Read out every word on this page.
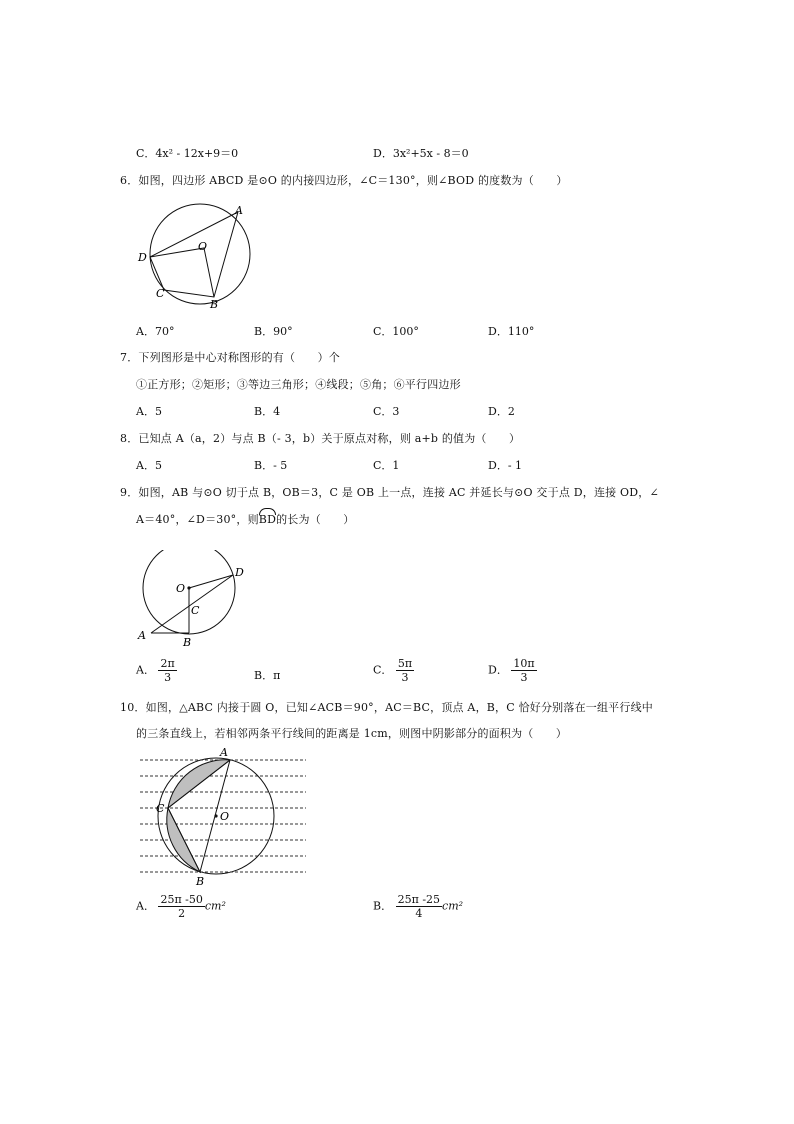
C．4x² - 12x+9＝0	D．3x²+5x - 8＝0
6．如图，四边形 ABCD 是⊙O 的内接四边形，∠C＝130°，则∠BOD 的度数为（　　）
A
B
C
D
O
A．70°	B．90°	C．100°	D．110°
7．下列图形是中心对称图形的有（　　）个
①正方形；②矩形；③等边三角形；④线段；⑤角；⑥平行四边形
A．5	B．4	C．3	D．2
8．已知点 A（a，2）与点 B（- 3，b）关于原点对称，则 a+b 的值为（　　）
A．5	B．- 5	C．1	D．- 1
9．如图，AB 与⊙O 切于点 B，OB＝3，C 是 OB 上一点，连接 AC 并延长与⊙O 交于点 D，连接 OD，∠
A＝40°，∠D＝30°，则BD的长为（　　）
O
D
C
A
B
A． $\frac{2\pi}{3}$	B．π	C． $\frac{5\pi}{3}$	D． $\frac{10\pi}{3}$
10．如图，△ABC 内接于圆 O，已知∠ACB＝90°，AC＝BC，顶点 A，B，C 恰好分别落在一组平行线中
的三条直线上，若相邻两条平行线间的距离是 1cm，则图中阴影部分的面积为（　　）
A
B
C
O
A． $\frac{25\pi -50}{2} cm^2$	B． $\frac{25\pi -25}{4} cm^2$
